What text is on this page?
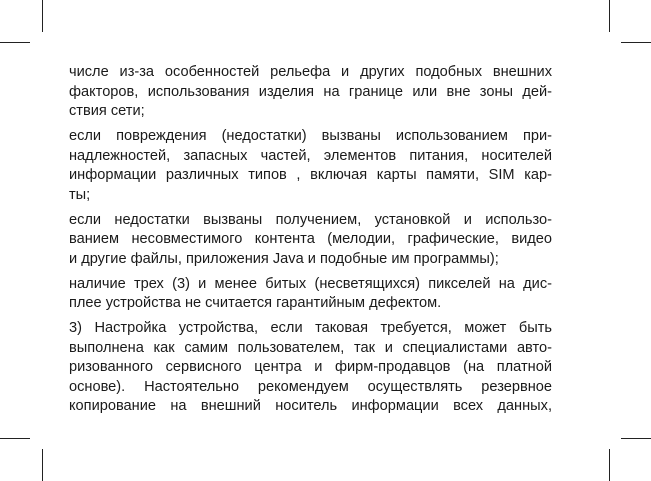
числе из-за особенностей рельефа и других подобных внешних
факторов, использования изделия на границе или вне зоны дей-
ствия сети;

если повреждения (недостатки) вызваны использованием при-
надлежностей, запасных частей, элементов питания, носителей
информации различных типов , включая карты памяти, SIM кар-
ты;

если недостатки вызваны получением, установкой и использо-
ванием несовместимого контента (мелодии, графические, видео
и другие файлы, приложения Java и подобные им программы);

наличие трех (3) и менее битых (несветящихся) пикселей на дис-
плее устройства не считается гарантийным дефектом.

3) Настройка устройства, если таковая требуется, может быть
выполнена как самим пользователем, так и специалистами авто-
ризованного сервисного центра и фирм-продавцов (на платной
основе). Настоятельно рекомендуем осуществлять резервное
копирование на внешний носитель информации всех данных,
